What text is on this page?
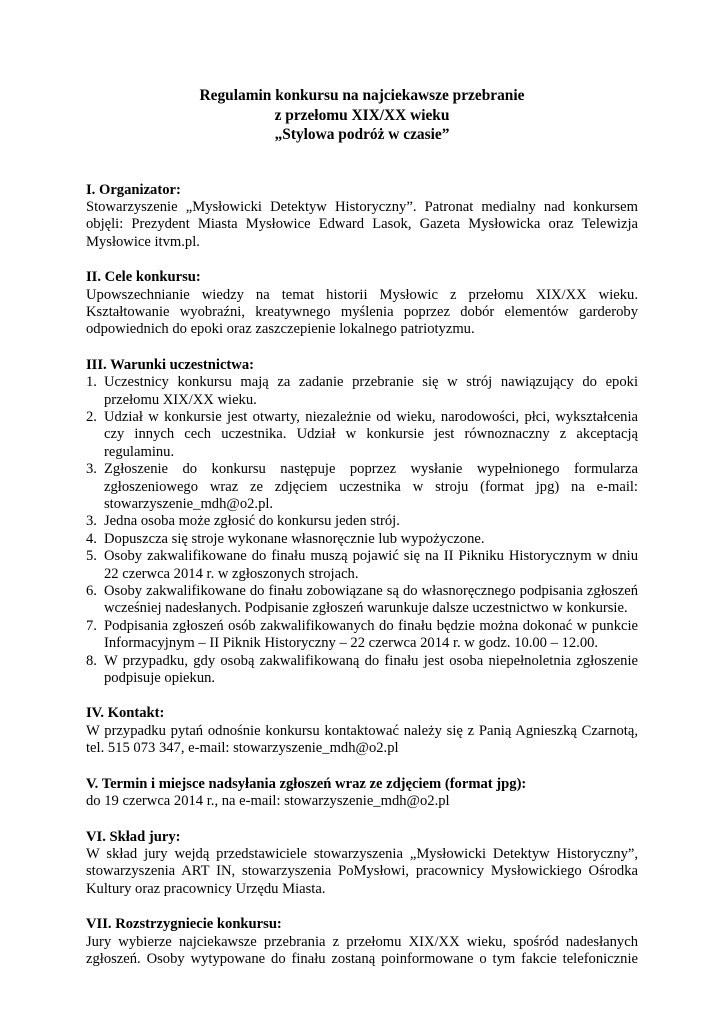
Regulamin konkursu na najciekawsze przebranie
z przełomu XIX/XX wieku
„Stylowa podróż w czasie”
I. Organizator:
Stowarzyszenie „Mysłowicki Detektyw Historyczny”. Patronat medialny nad konkursem objęli: Prezydent Miasta Mysłowice Edward Lasok, Gazeta Mysłowicka oraz Telewizja Mysłowice itvm.pl.
II. Cele konkursu:
Upowszechnianie wiedzy na temat historii Mysłowic z przełomu XIX/XX wieku. Kształtowanie wyobraźni, kreatywnego myślenia poprzez dobór elementów garderoby odpowiednich do epoki oraz zaszczepienie lokalnego patriotyzmu.
III. Warunki uczestnictwa:
1. Uczestnicy konkursu mają za zadanie przebranie się w strój nawiązujący do epoki przełomu XIX/XX wieku.
2. Udział w konkursie jest otwarty, niezależnie od wieku, narodowości, płci, wykształcenia czy innych cech uczestnika. Udział w konkursie jest równoznaczny z akceptacją regulaminu.
3. Zgłoszenie do konkursu następuje poprzez wysłanie wypełnionego formularza zgłoszeniowego wraz ze zdjęciem uczestnika w stroju (format jpg) na e-mail: stowarzyszenie_mdh@o2.pl.
3. Jedna osoba może zgłosić do konkursu jeden strój.
4. Dopuszcza się stroje wykonane własnoręcznie lub wypożyczone.
5. Osoby zakwalifikowane do finału muszą pojawić się na II Pikniku Historycznym w dniu 22 czerwca 2014 r. w zgłoszonych strojach.
6. Osoby zakwalifikowane do finału zobowiązane są do własnoręcznego podpisania zgłoszeń wcześniej nadesłanych. Podpisanie zgłoszeń warunkuje dalsze uczestnictwo w konkursie.
7. Podpisania zgłoszeń osób zakwalifikowanych do finału będzie można dokonać w punkcie Informacyjnym – II Piknik Historyczny – 22 czerwca 2014 r. w godz. 10.00 – 12.00.
8. W przypadku, gdy osobą zakwalifikowaną do finału jest osoba niepełnoletnia zgłoszenie podpisuje opiekun.
IV. Kontakt:
W przypadku pytań odnośnie konkursu kontaktować należy się z Panią Agnieszką Czarnotą, tel. 515 073 347, e-mail: stowarzyszenie_mdh@o2.pl
V. Termin i miejsce nadsyłania zgłoszeń wraz ze zdjęciem (format jpg):
do 19 czerwca 2014 r., na e-mail: stowarzyszenie_mdh@o2.pl
VI. Skład jury:
W skład jury wejdą przedstawiciele stowarzyszenia „Mysłowicki Detektyw Historyczny”, stowarzyszenia ART IN, stowarzyszenia PoMysłowi, pracownicy Mysłowickiego Ośrodka Kultury oraz pracownicy Urzędu Miasta.
VII. Rozstrzygniecie konkursu:
Jury wybierze najciekawsze przebrania z przełomu XIX/XX wieku, spośród nadesłanych zgłoszeń. Osoby wytypowane do finału zostaną poinformowane o tym fakcie telefonicznie
